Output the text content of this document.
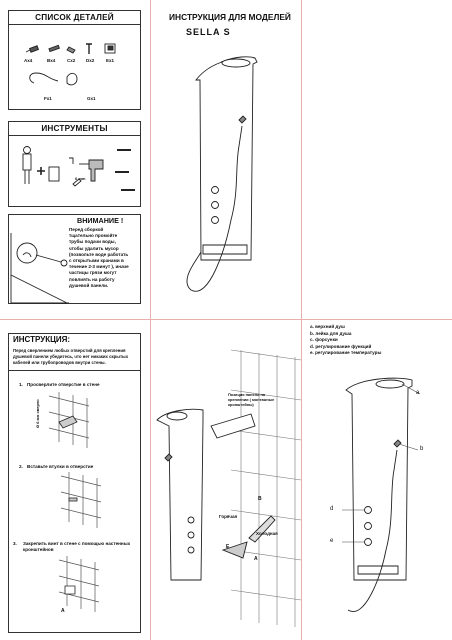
СПИСОК ДЕТАЛЕЙ
Ax4	Bx4	Cx2 Dx2	Ex1
Fx1	Gx1
ИНСТРУМЕНТЫ
6 mm
ВНИМАНИЕ !
Перед сборкой
тщательно промойте
трубы подачи воды,
чтобы удалить мусор
(позвольте воде работать
с открытыми кранами в
течение 2-3 минут ), иначе
частицы грязи могут
повлиять на работу
душевой панели.
ИНСТРУКЦИЯ ДЛЯ МОДЕЛЕЙ
SELLA S
ИНСТРУКЦИЯ:
Перед сверлением любых отверстий для крепления
душевой панели убедитесь, что нет никаких скрытых
кабелей или трубопроводов внутри стены.
1. Просверлите отверстие в стене
2. Вставьте втулки в отверстие
3. Закрепить винт в стене с помощью настенных
кронштейнов
Ø 6 мм сверло
A
Позиция панели на
креплении ( монтажные
кронштейны)
Горячая
Холодная
E
B
A
a. верхний душ
b. лейка для душа
c. форсунки
d. регулирование функций
e. регулирование температуры
a
b
d
e
